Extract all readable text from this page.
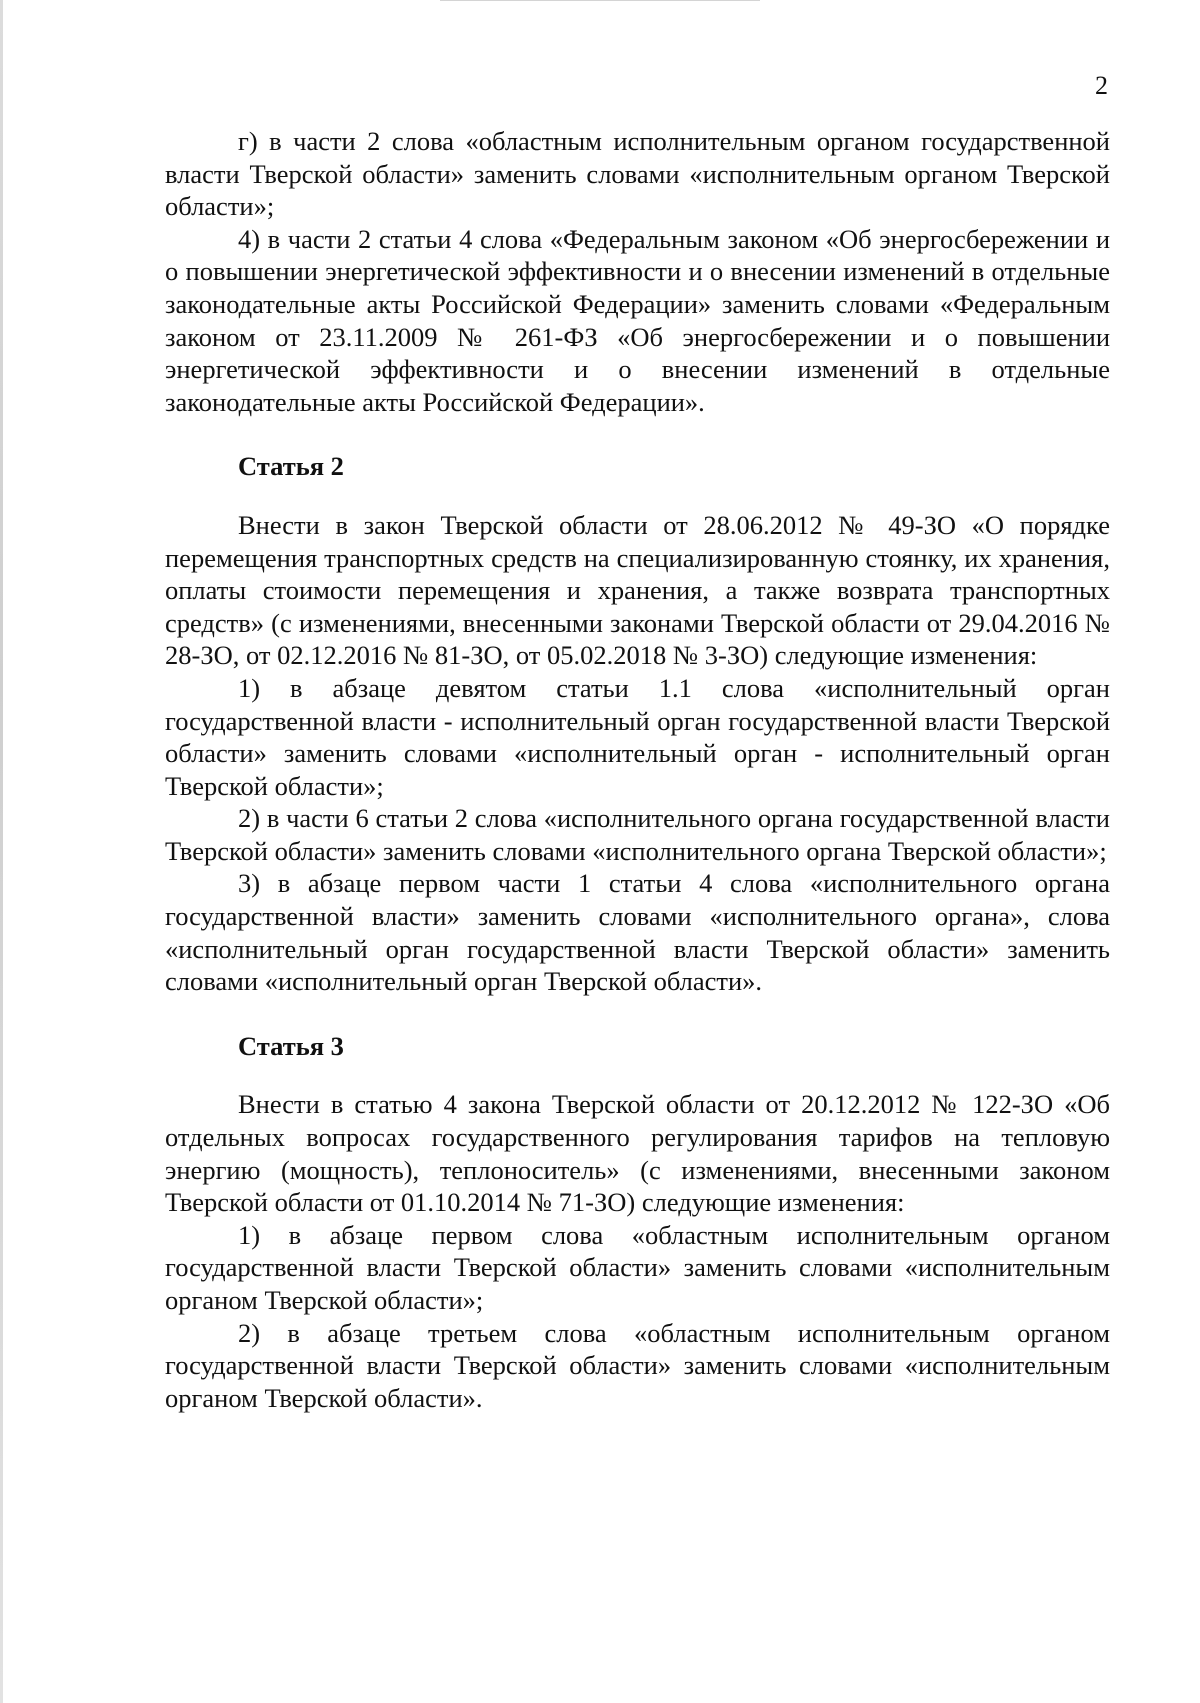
2

г) в части 2 слова «областным исполнительным органом государственной власти Тверской области» заменить словами «исполнительным органом Тверской области»;

4) в части 2 статьи 4 слова «Федеральным законом «Об энергосбережении и о повышении энергетической эффективности и о внесении изменений в отдельные законодательные акты Российской Федерации» заменить словами «Федеральным законом от 23.11.2009 № 261-ФЗ «Об энергосбережении и о повышении энергетической эффективности и о внесении изменений в отдельные законодательные акты Российской Федерации».

Статья 2

Внести в закон Тверской области от 28.06.2012 № 49-ЗО «О порядке перемещения транспортных средств на специализированную стоянку, их хранения, оплаты стоимости перемещения и хранения, а также возврата транспортных средств» (с изменениями, внесенными законами Тверской области от 29.04.2016 № 28-ЗО, от 02.12.2016 № 81-ЗО, от 05.02.2018 № 3-ЗО) следующие изменения:

1) в абзаце девятом статьи 1.1 слова «исполнительный орган государственной власти - исполнительный орган государственной власти Тверской области» заменить словами «исполнительный орган - исполнительный орган Тверской области»;

2) в части 6 статьи 2 слова «исполнительного органа государственной власти Тверской области» заменить словами «исполнительного органа Тверской области»;

3) в абзаце первом части 1 статьи 4 слова «исполнительного органа государственной власти» заменить словами «исполнительного органа», слова «исполнительный орган государственной власти Тверской области» заменить словами «исполнительный орган Тверской области».

Статья 3

Внести в статью 4 закона Тверской области от 20.12.2012 № 122-ЗО «Об отдельных вопросах государственного регулирования тарифов на тепловую энергию (мощность), теплоноситель» (с изменениями, внесенными законом Тверской области от 01.10.2014 № 71-ЗО) следующие изменения:

1) в абзаце первом слова «областным исполнительным органом государственной власти Тверской области» заменить словами «исполнительным органом Тверской области»;

2) в абзаце третьем слова «областным исполнительным органом государственной власти Тверской области» заменить словами «исполнительным органом Тверской области».
